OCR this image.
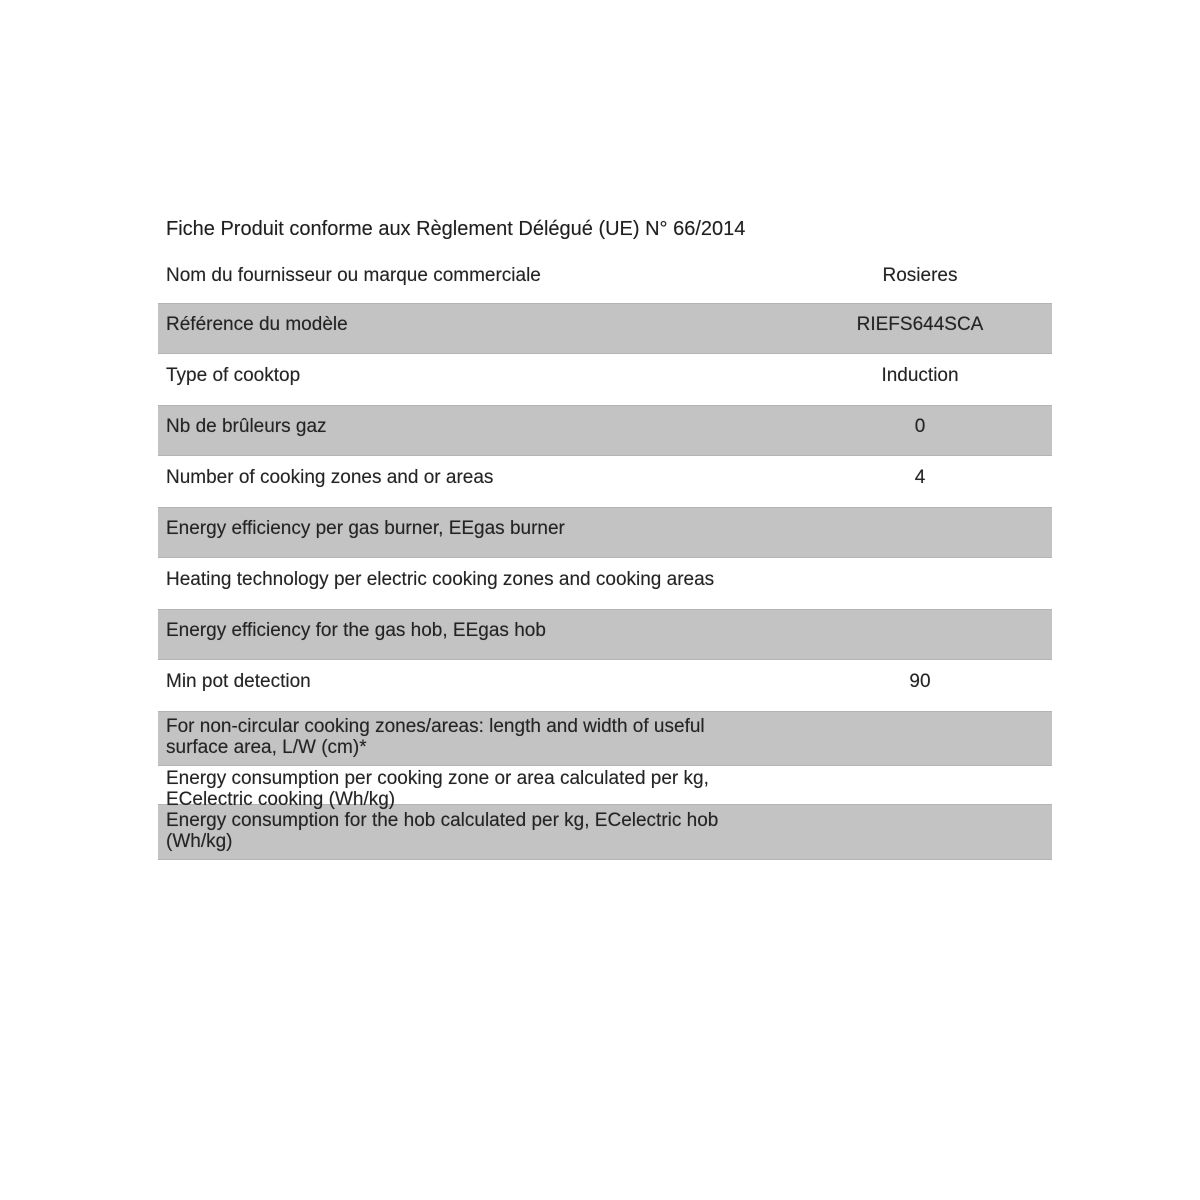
Fiche Produit conforme aux Règlement Délégué (UE) N° 66/2014
Nom du fournisseur ou marque commerciale	Rosieres
Référence du modèle	RIEFS644SCA
Type of cooktop	Induction
Nb de brûleurs gaz	0
Number of cooking zones and or areas	4
Energy efficiency per gas burner, EEgas burner
Heating technology per electric cooking zones and cooking areas
Energy efficiency for the gas hob, EEgas hob
Min pot detection	90
For non-circular cooking zones/areas: length and width of useful surface area, L/W (cm)*
Energy consumption per cooking zone or area calculated per kg, ECelectric cooking (Wh/kg)
Energy consumption for the hob calculated per kg, ECelectric hob (Wh/kg)
